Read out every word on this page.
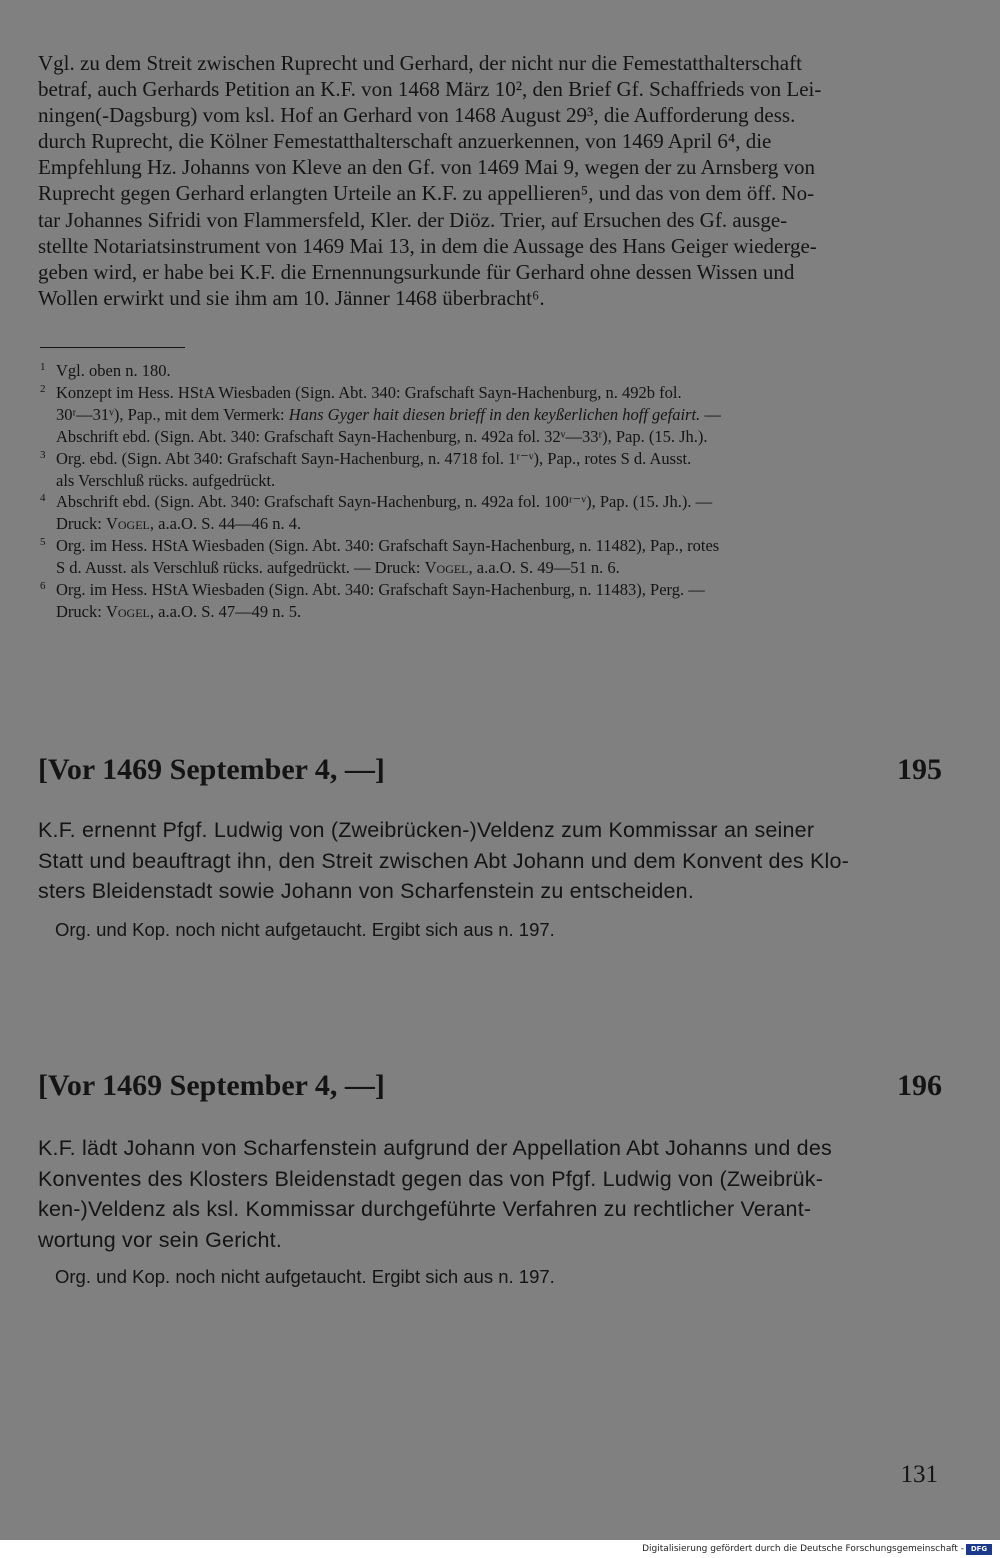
Vgl. zu dem Streit zwischen Ruprecht und Gerhard, der nicht nur die Femestatthalterschaft
betraf, auch Gerhards Petition an K.F. von 1468 März 10², den Brief Gf. Schaffrieds von Lei-
ningen(-Dagsburg) vom ksl. Hof an Gerhard von 1468 August 29³, die Aufforderung dess.
durch Ruprecht, die Kölner Femestatthalterschaft anzuerkennen, von 1469 April 6⁴, die
Empfehlung Hz. Johanns von Kleve an den Gf. von 1469 Mai 9, wegen der zu Arnsberg von
Ruprecht gegen Gerhard erlangten Urteile an K.F. zu appellieren⁵, und das von dem öff. No-
tar Johannes Sifridi von Flammersfeld, Kler. der Diöz. Trier, auf Ersuchen des Gf. ausge-
stellte Notariatsinstrument von 1469 Mai 13, in dem die Aussage des Hans Geiger wiederge-
geben wird, er habe bei K.F. die Ernennungsurkunde für Gerhard ohne dessen Wissen und
Wollen erwirkt und sie ihm am 10. Jänner 1468 überbracht⁶.
1 Vgl. oben n. 180.
2 Konzept im Hess. HStA Wiesbaden (Sign. Abt. 340: Grafschaft Sayn-Hachenburg, n. 492b fol.
30ʳ—31ᵛ), Pap., mit dem Vermerk: Hans Gyger hait diesen brieff in den keyßerlichen hoff gefairt. —
Abschrift ebd. (Sign. Abt. 340: Grafschaft Sayn-Hachenburg, n. 492a fol. 32ᵛ—33ʳ), Pap. (15. Jh.).
3 Org. ebd. (Sign. Abt 340: Grafschaft Sayn-Hachenburg, n. 4718 fol. 1ʳ⁻ᵛ), Pap., rotes S d. Ausst.
als Verschluß rücks. aufgedrückt.
4 Abschrift ebd. (Sign. Abt. 340: Grafschaft Sayn-Hachenburg, n. 492a fol. 100ʳ⁻ᵛ), Pap. (15. Jh.). —
Druck: Vogel, a.a.O. S. 44—46 n. 4.
5 Org. im Hess. HStA Wiesbaden (Sign. Abt. 340: Grafschaft Sayn-Hachenburg, n. 11482), Pap., rotes
S d. Ausst. als Verschluß rücks. aufgedrückt. — Druck: Vogel, a.a.O. S. 49—51 n. 6.
6 Org. im Hess. HStA Wiesbaden (Sign. Abt. 340: Grafschaft Sayn-Hachenburg, n. 11483), Perg. —
Druck: Vogel, a.a.O. S. 47—49 n. 5.
[Vor 1469 September 4, —]	195
K.F. ernennt Pfgf. Ludwig von (Zweibrücken-)Veldenz zum Kommissar an seiner
Statt und beauftragt ihn, den Streit zwischen Abt Johann und dem Konvent des Klo-
sters Bleidenstadt sowie Johann von Scharfenstein zu entscheiden.
Org. und Kop. noch nicht aufgetaucht. Ergibt sich aus n. 197.
[Vor 1469 September 4, —]	196
K.F. lädt Johann von Scharfenstein aufgrund der Appellation Abt Johanns und des
Konventes des Klosters Bleidenstadt gegen das von Pfgf. Ludwig von (Zweibrük-
ken-)Veldenz als ksl. Kommissar durchgeführte Verfahren zu rechtlicher Verant-
wortung vor sein Gericht.
Org. und Kop. noch nicht aufgetaucht. Ergibt sich aus n. 197.
131
Digitalisierung gefördert durch die Deutsche Forschungsgemeinschaft - DFG
